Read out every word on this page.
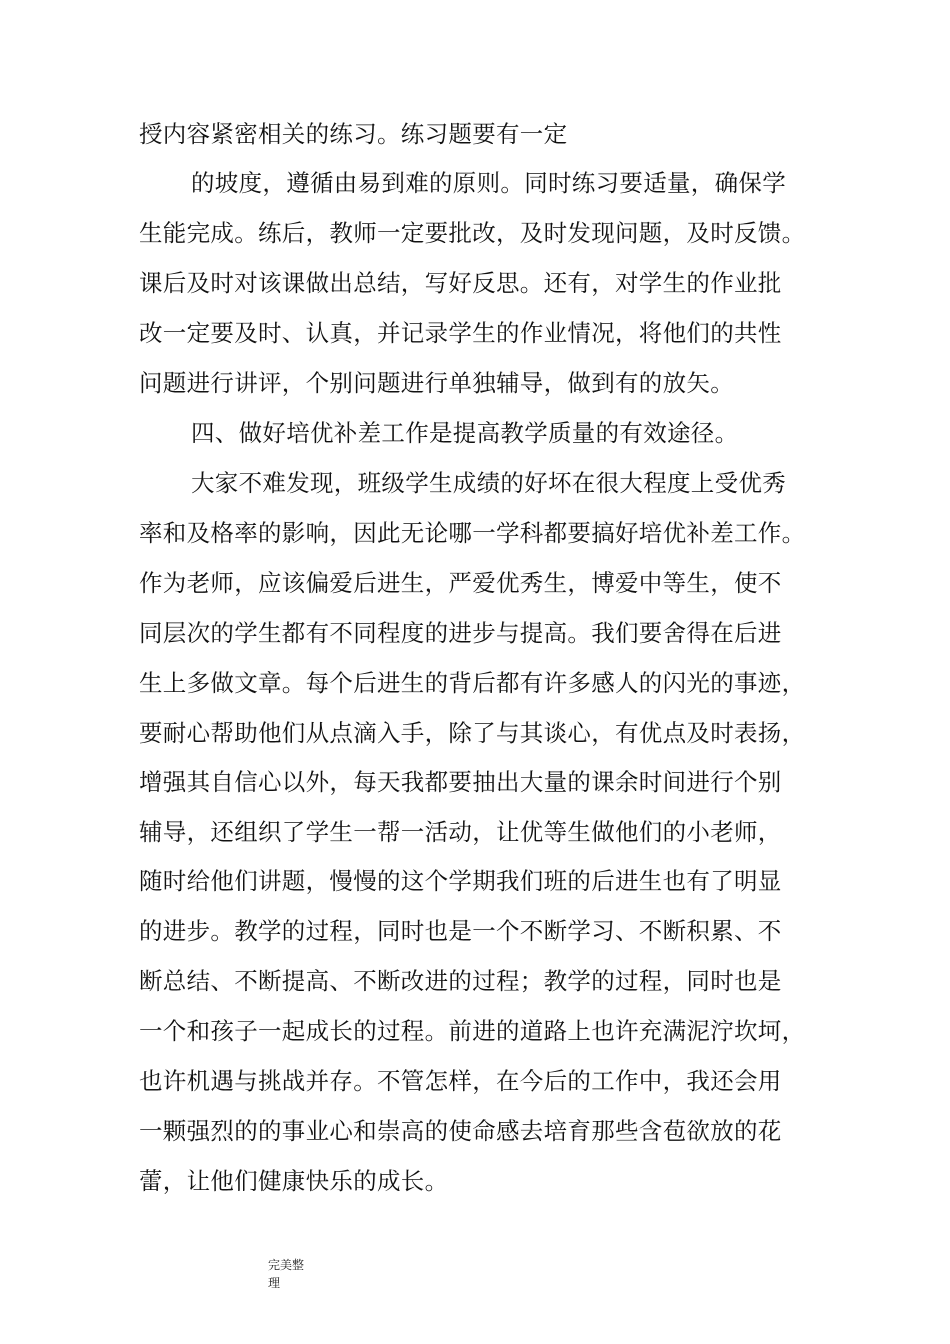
授内容紧密相关的练习。练习题要有一定
的坡度，遵循由易到难的原则。同时练习要适量，确保学
生能完成。练后，教师一定要批改，及时发现问题，及时反馈。
课后及时对该课做出总结，写好反思。还有，对学生的作业批
改一定要及时、认真，并记录学生的作业情况，将他们的共性
问题进行讲评，个别问题进行单独辅导，做到有的放矢。
四、做好培优补差工作是提高教学质量的有效途径。
大家不难发现，班级学生成绩的好坏在很大程度上受优秀
率和及格率的影响，因此无论哪一学科都要搞好培优补差工作。
作为老师，应该偏爱后进生，严爱优秀生，博爱中等生，使不
同层次的学生都有不同程度的进步与提高。我们要舍得在后进
生上多做文章。每个后进生的背后都有许多感人的闪光的事迹，
要耐心帮助他们从点滴入手，除了与其谈心，有优点及时表扬，
增强其自信心以外，每天我都要抽出大量的课余时间进行个别
辅导，还组织了学生一帮一活动，让优等生做他们的小老师，
随时给他们讲题，慢慢的这个学期我们班的后进生也有了明显
的进步。教学的过程，同时也是一个不断学习、不断积累、不
断总结、不断提高、不断改进的过程；教学的过程，同时也是
一个和孩子一起成长的过程。前进的道路上也许充满泥泞坎坷，
也许机遇与挑战并存。不管怎样，在今后的工作中，我还会用
一颗强烈的的事业心和崇高的使命感去培育那些含苞欲放的花
蕾，让他们健康快乐的成长。
完美整
理
